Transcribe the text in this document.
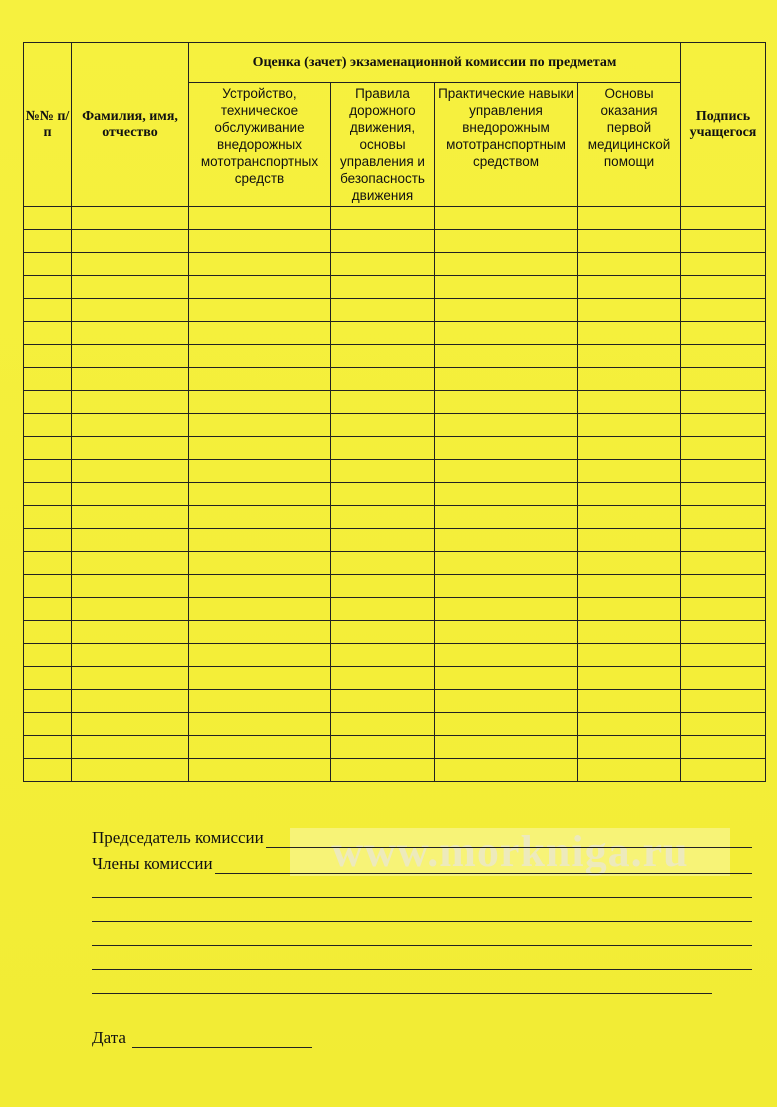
№№ п/п	Фамилия, имя, отчество	Оценка (зачет) экзаменационной комиссии по предметам				Подпись учащегося
		Устройство, техническое обслуживание внедорожных мототранспортных средств	Правила дорожного движения, основы управления и безопасность движения	Практические навыки управления внедорожным мототранспортным средством	Основы оказания первой медицинской помощи	

www.morkniga.ru
Председатель комиссии
Члены комиссии
Дата
